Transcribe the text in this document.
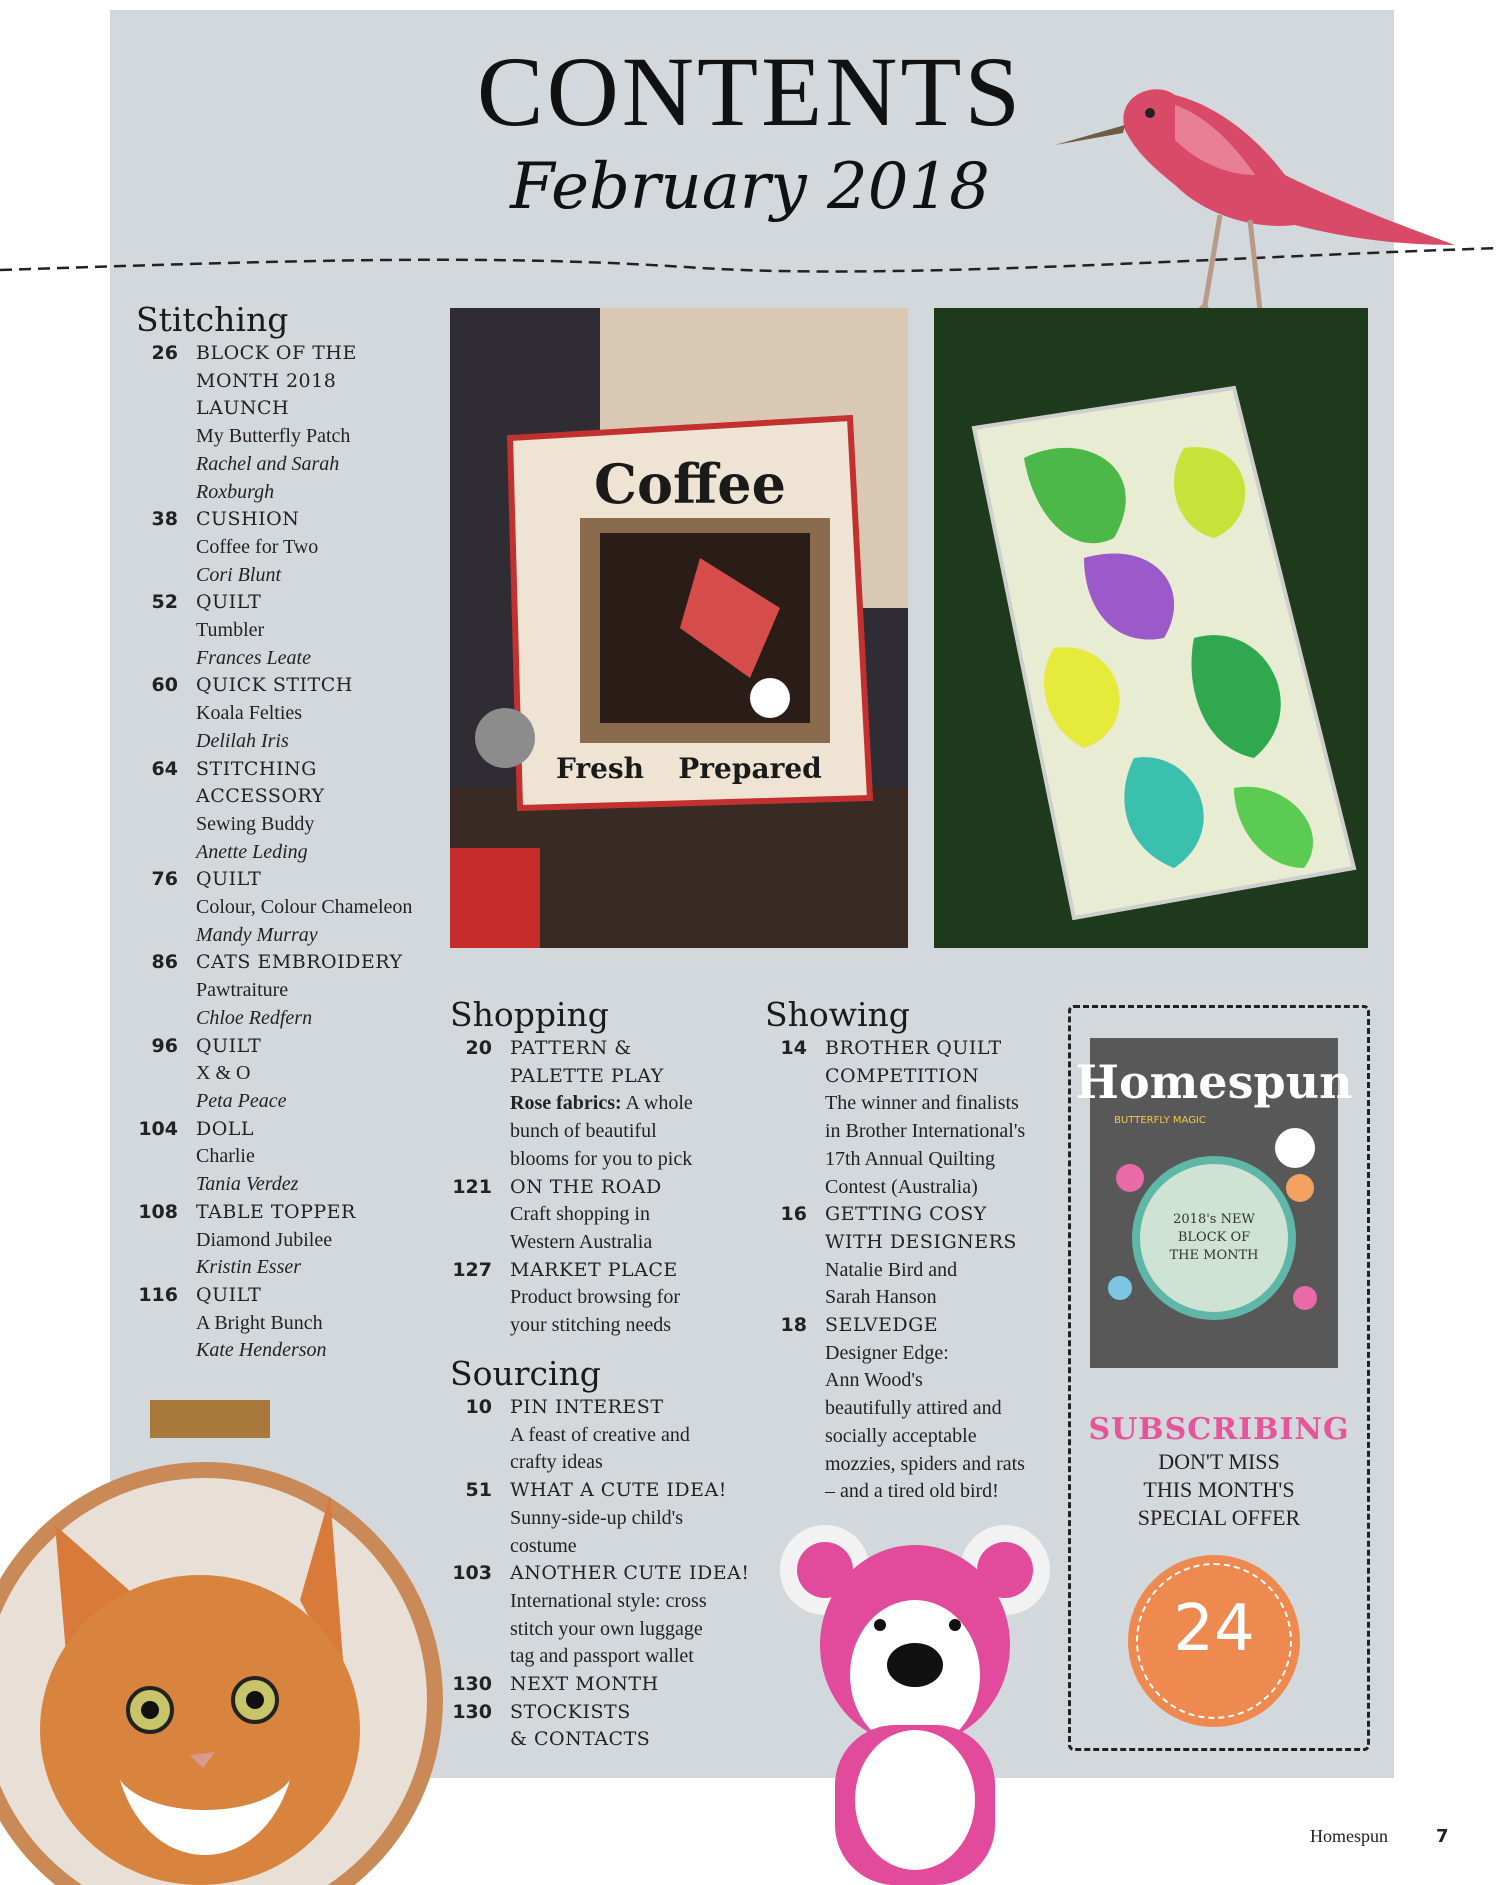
CONTENTS
February 2018
Stitching
26 BLOCK OF THE
MONTH 2018
LAUNCH
My Butterfly Patch
Rachel and Sarah
Roxburgh
38 CUSHION
Coffee for Two
Cori Blunt
52 QUILT
Tumbler
Frances Leate
60 QUICK STITCH
Koala Felties
Delilah Iris
64 STITCHING
ACCESSORY
Sewing Buddy
Anette Leding
76 QUILT
Colour, Colour Chameleon
Mandy Murray
86 CATS EMBROIDERY
Pawtraiture
Chloe Redfern
96 QUILT
X & O
Peta Peace
104 DOLL
Charlie
Tania Verdez
108 TABLE TOPPER
Diamond Jubilee
Kristin Esser
116 QUILT
A Bright Bunch
Kate Henderson
Coffee
Fresh Prepared
Shopping
20 PATTERN &
PALETTE PLAY
Rose fabrics: A whole
bunch of beautiful
blooms for you to pick
121 ON THE ROAD
Craft shopping in
Western Australia
127 MARKET PLACE
Product browsing for
your stitching needs
Sourcing
10 PIN INTEREST
A feast of creative and
crafty ideas
51 WHAT A CUTE IDEA!
Sunny-side-up child's
costume
103 ANOTHER CUTE IDEA!
International style: cross
stitch your own luggage
tag and passport wallet
130 NEXT MONTH
130 STOCKISTS
& CONTACTS
Showing
14 BROTHER QUILT
COMPETITION
The winner and finalists
in Brother International's
17th Annual Quilting
Contest (Australia)
16 GETTING COSY
WITH DESIGNERS
Natalie Bird and
Sarah Hanson
18 SELVEDGE
Designer Edge:
Ann Wood's
beautifully attired and
socially acceptable
mozzies, spiders and rats
– and a tired old bird!
Homespun
BUTTERFLY MAGIC
2018's NEW
BLOCK OF
THE MONTH
SUBSCRIBING
DON'T MISS
THIS MONTH'S
SPECIAL OFFER
24
Homespun	7
